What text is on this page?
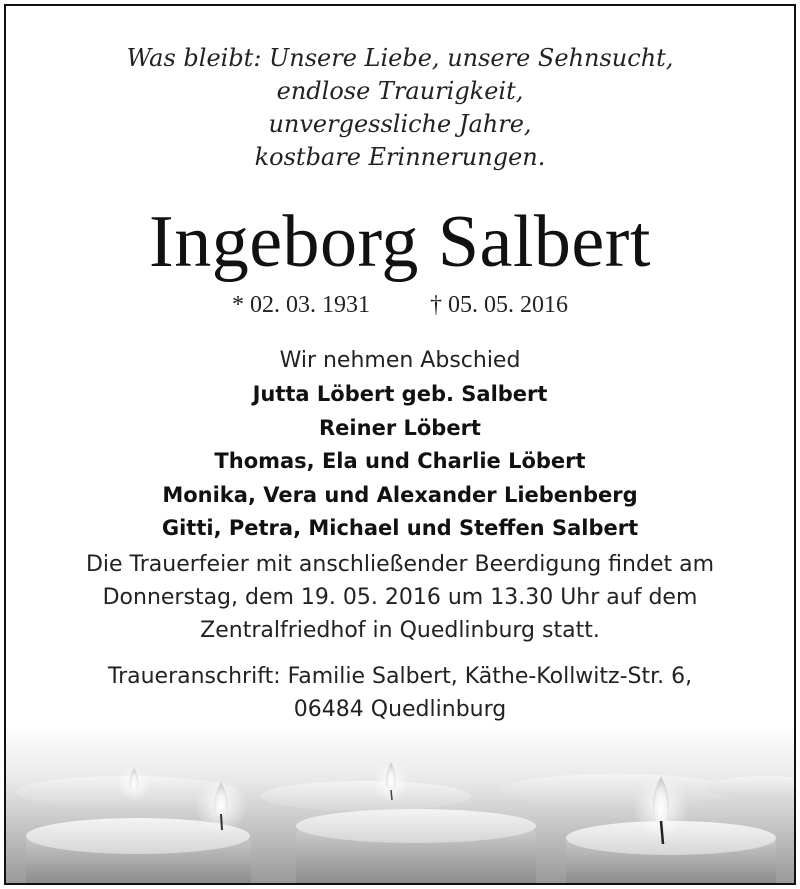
Was bleibt: Unsere Liebe, unsere Sehnsucht,
endlose Traurigkeit,
unvergessliche Jahre,
kostbare Erinnerungen.
Ingeborg Salbert
* 02. 03. 1931	† 05. 05. 2016
Wir nehmen Abschied
Jutta Löbert geb. Salbert
Reiner Löbert
Thomas, Ela und Charlie Löbert
Monika, Vera und Alexander Liebenberg
Gitti, Petra, Michael und Steffen Salbert
Die Trauerfeier mit anschließender Beerdigung findet am
Donnerstag, dem 19. 05. 2016 um 13.30 Uhr auf dem
Zentralfriedhof in Quedlinburg statt.
Traueranschrift: Familie Salbert, Käthe-Kollwitz-Str. 6,
06484 Quedlinburg
